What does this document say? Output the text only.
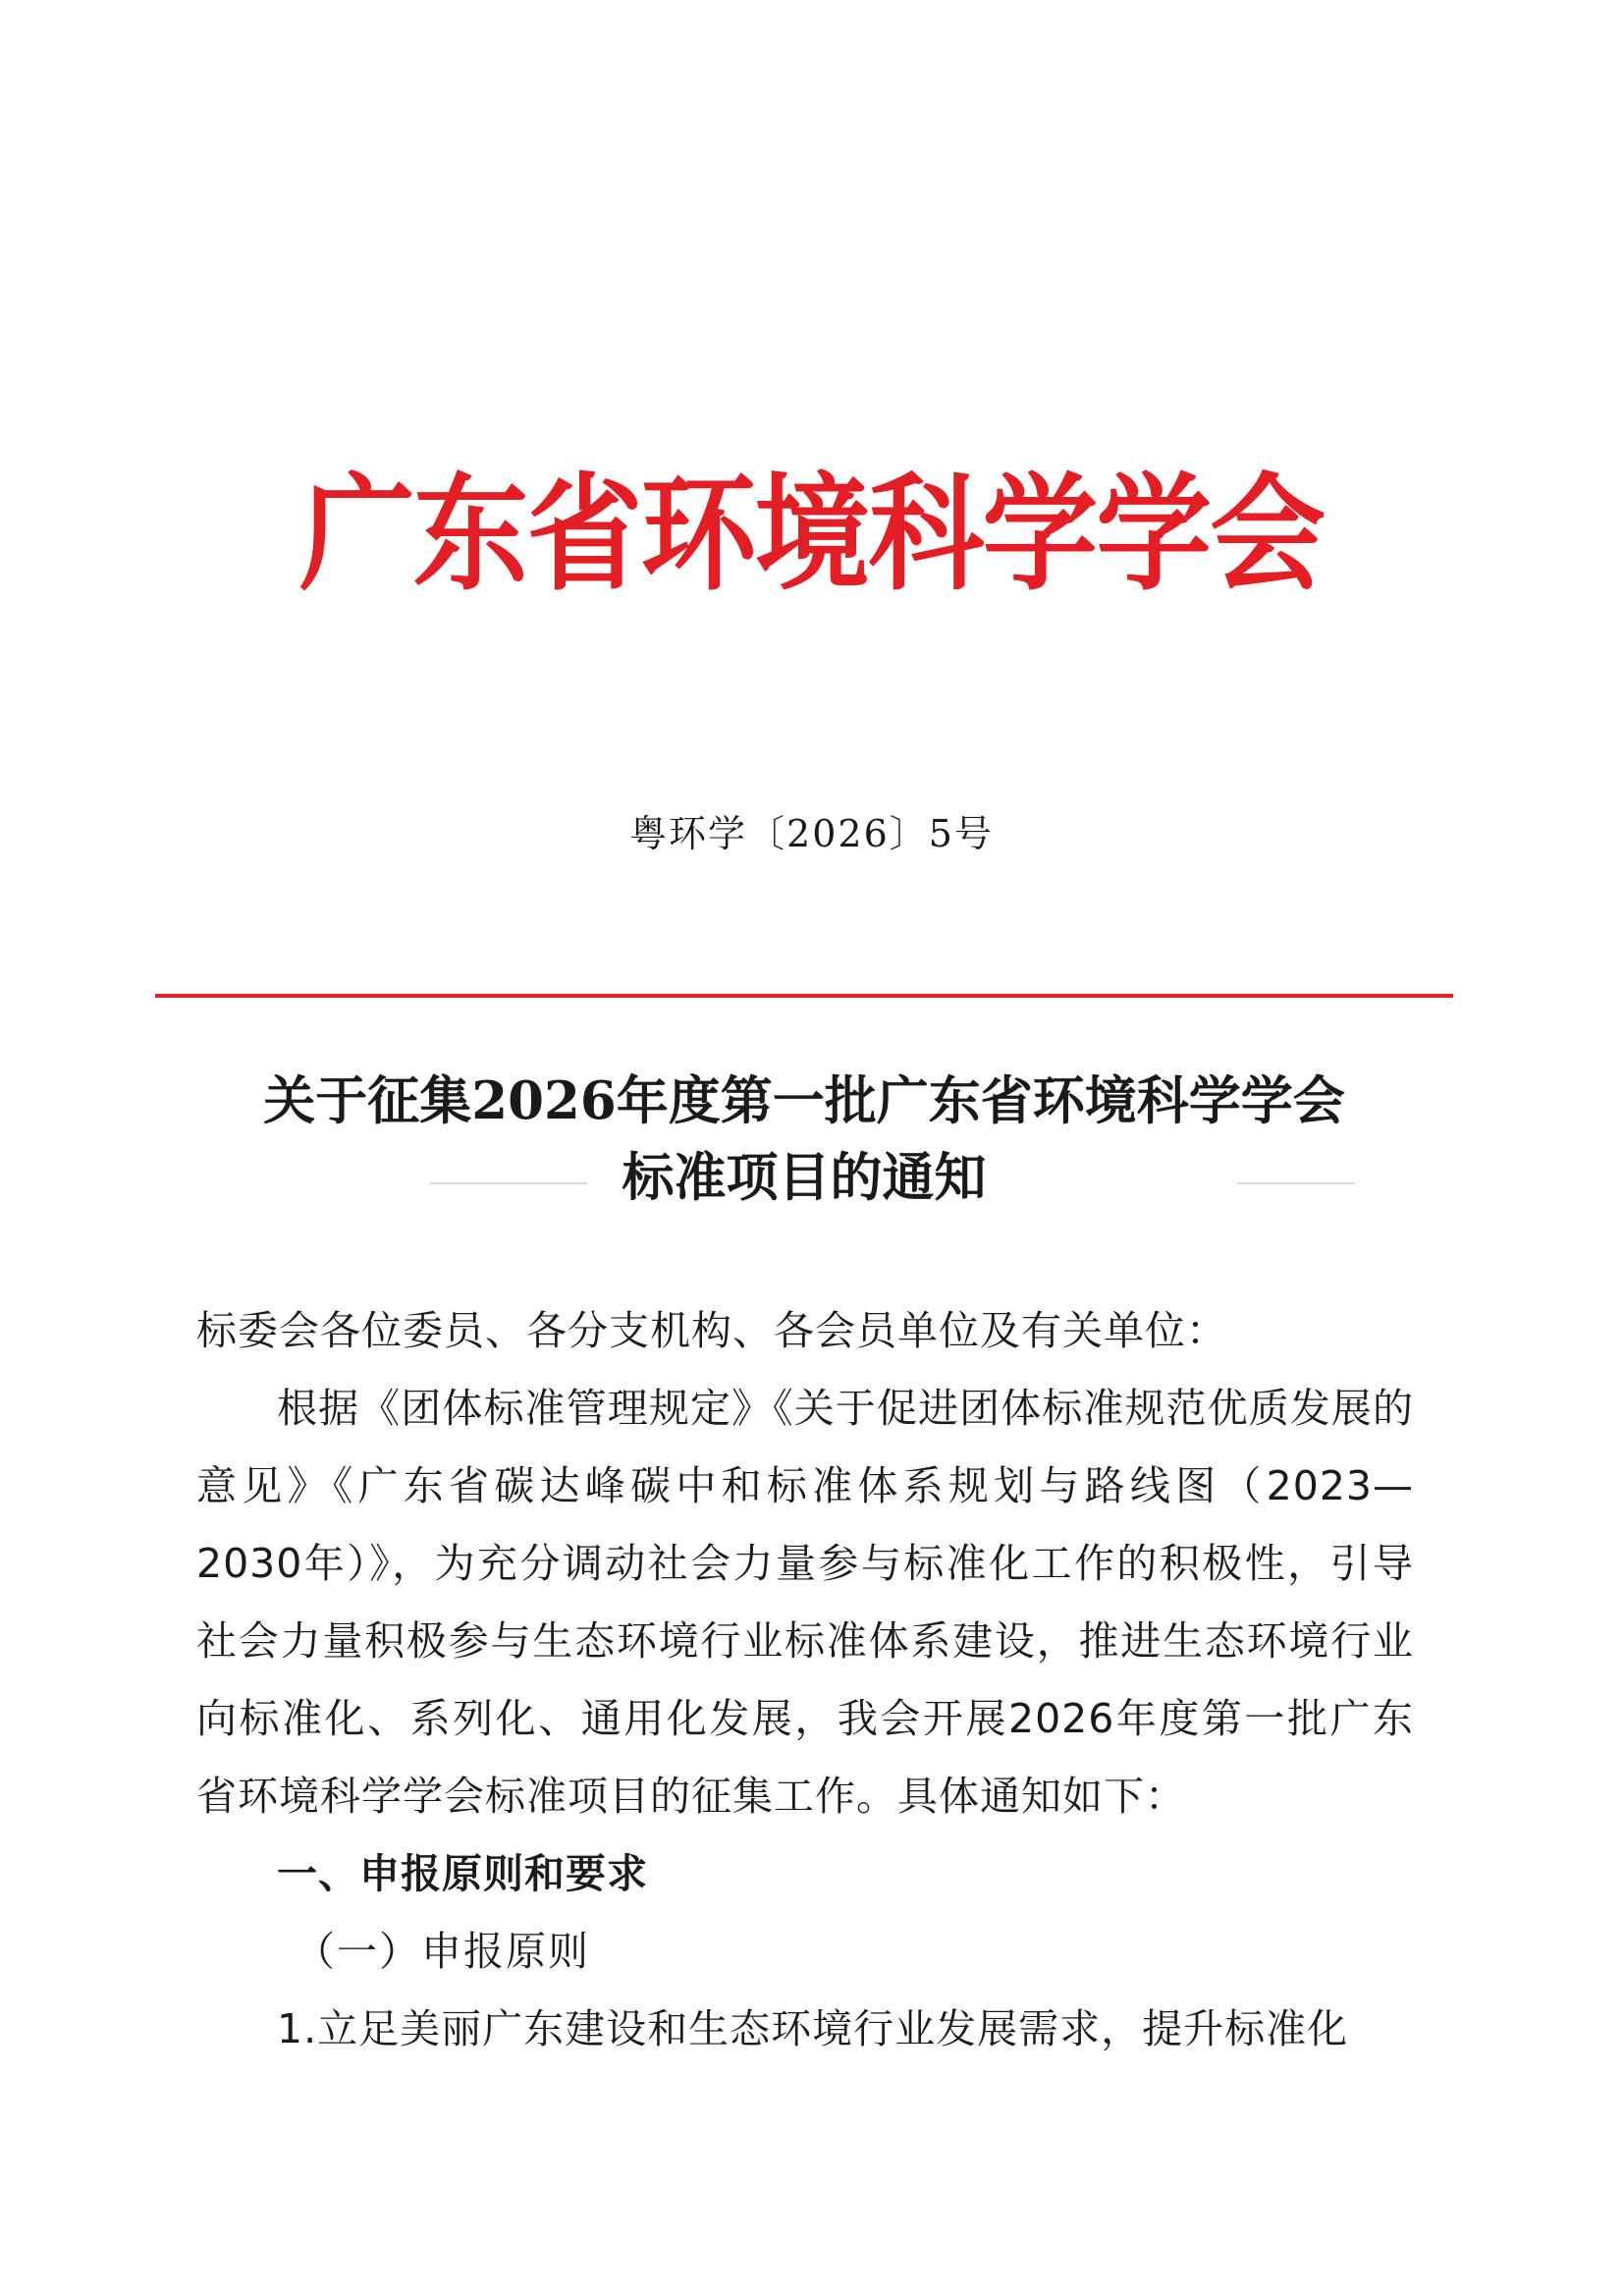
广东省环境科学学会
粤环学〔2026〕5号
关于征集2026年度第一批广东省环境科学学会
标准项目的通知

标委会各位委员、各分支机构、各会员单位及有关单位：

根据《团体标准管理规定》《关于促进团体标准规范优质发展的意见》《广东省碳达峰碳中和标准体系规划与路线图（2023—2030年）》，为充分调动社会力量参与标准化工作的积极性，引导社会力量积极参与生态环境行业标准体系建设，推进生态环境行业向标准化、系列化、通用化发展，我会开展2026年度第一批广东省环境科学学会标准项目的征集工作。具体通知如下：

一、申报原则和要求

（一）申报原则

1.立足美丽广东建设和生态环境行业发展需求，提升标准化
